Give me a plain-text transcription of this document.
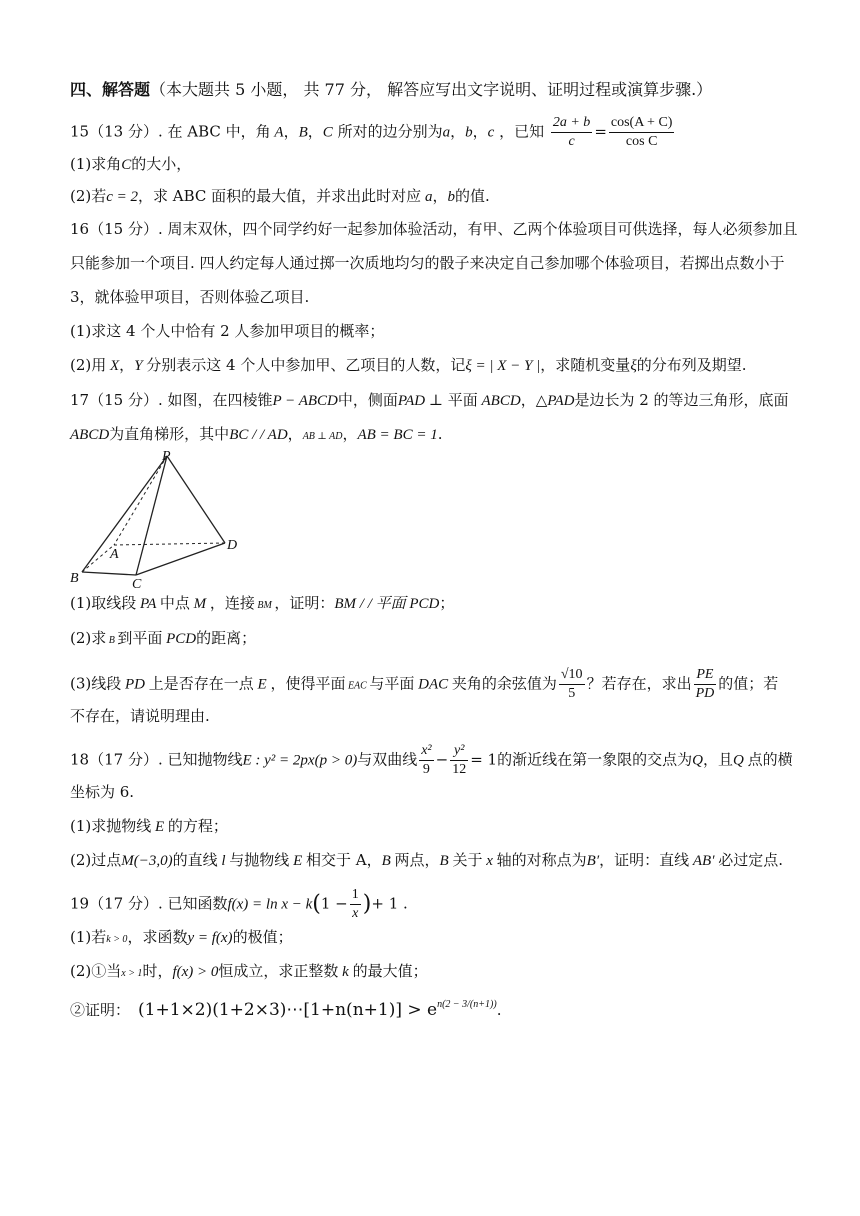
四、解答题（本大题共 5 小题， 共 77 分， 解答应写出文字说明、证明过程或演算步骤.）
15（13 分）. 在 ABC 中，角 A，B，C 所对的边分别为a，b，c ，已知 $\frac{2a + b}{c} = \frac{\cos(A + C)}{\text{cos C}}$
(1)求角C的大小，
(2)若c = 2，求 ABC 面积的最大值，并求出此时对应 a，b的值.
16（15 分）. 周末双休，四个同学约好一起参加体验活动，有甲、乙两个体验项目可供选择，每人必须参加且
只能参加一个项目. 四人约定每人通过掷一次质地均匀的骰子来决定自己参加哪个体验项目，若掷出点数小于
3，就体验甲项目，否则体验乙项目.
(1)求这 4 个人中恰有 2 人参加甲项目的概率；
(2)用 X，Y 分别表示这 4 个人中参加甲、乙项目的人数，记ξ = | X − Y |，求随机变量ξ的分布列及期望.
17（15 分）. 如图，在四棱锥P − ABCD中，侧面PAD ⊥ 平面 ABCD，△PAD是边长为 2 的等边三角形，底面
ABCD为直角梯形，其中BC / / AD，AB ⊥ AD，AB = BC = 1.
P
A
B	C
D
(1)取线段 PA 中点 M ，连接 BM ，证明：BM / / 平面 PCD；
(2)求 B 到平面 PCD的距离；
(3)线段 PD 上是否存在一点 E ，使得平面 EAC 与平面 DAC 夹角的余弦值为 $\frac{√10}{5}$ ？若存在，求出 $\frac{PE}{PD}$ 的值；若
不存在，请说明理由.
18（17 分）. 已知抛物线E : y² = 2px(p > 0)与双曲线 $\frac{\text{x²}}{9} - \frac{\text{y²}}{12} = 1$的渐近线在第一象限的交点为Q，且Q 点的横
坐标为 6.
(1)求抛物线 E 的方程；
(2)过点M(−3,0)的直线 l 与抛物线 E 相交于 A，B 两点，B 关于 x 轴的对称点为B′，证明：直线 AB′ 必过定点.
19（17 分）. 已知函数$f(x) = \ln x - k(1 - \frac{1}{x}$ )+ 1 .
(1)若k > 0，求函数y = f(x)的极值；
(2)①当x > 1时，f(x) > 0恒成立，求正整数 k 的最大值；
②证明： (1+1×2)(1+2×3)⋯[1+n(n+1)] > $e^{n(2 - 3/(n+1))}$.
